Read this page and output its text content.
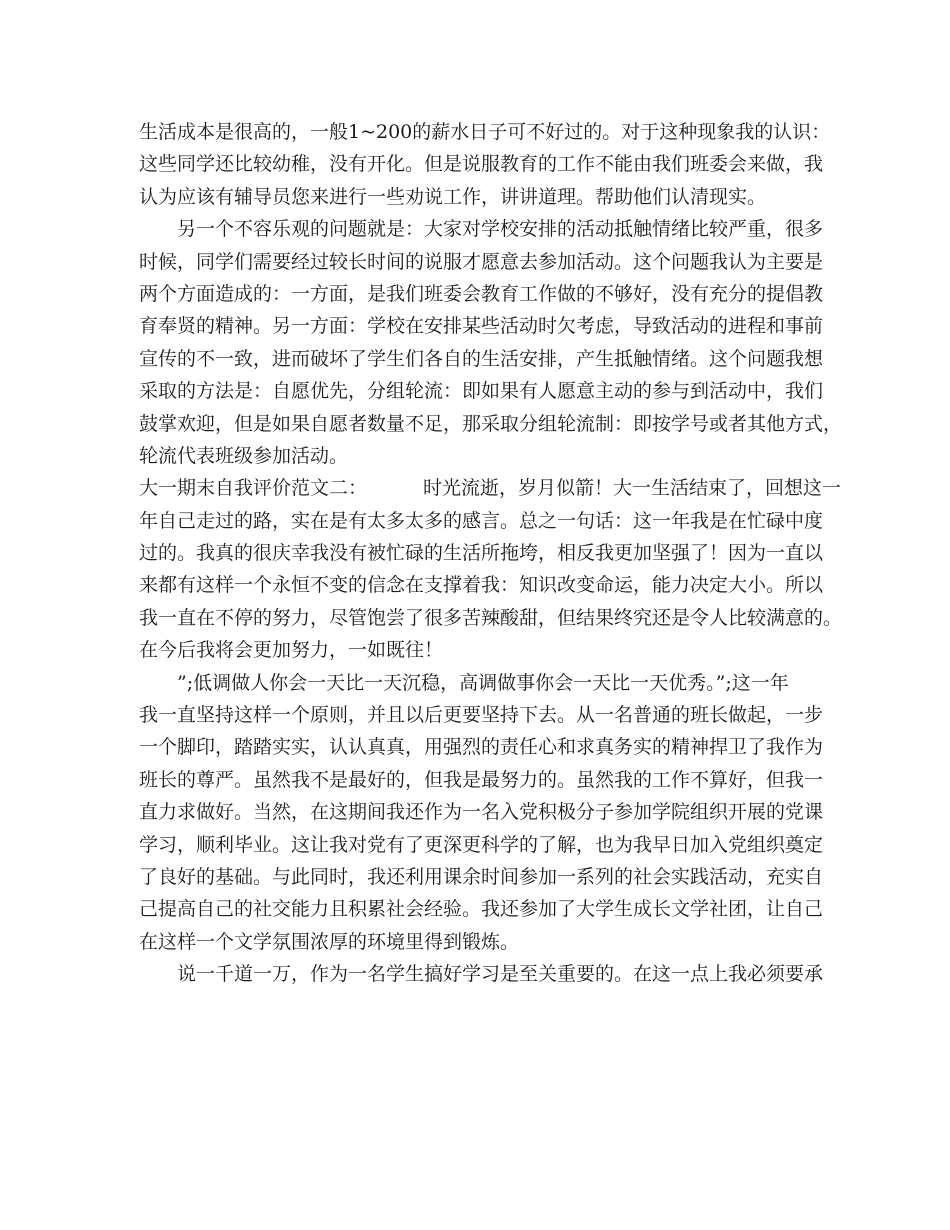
生活成本是很高的，一般1~200的薪水日子可不好过的。对于这种现象我的认识：
这些同学还比较幼稚，没有开化。但是说服教育的工作不能由我们班委会来做，我
认为应该有辅导员您来进行一些劝说工作，讲讲道理。帮助他们认清现实。
另一个不容乐观的问题就是：大家对学校安排的活动抵触情绪比较严重，很多
时候，同学们需要经过较长时间的说服才愿意去参加活动。这个问题我认为主要是
两个方面造成的：一方面，是我们班委会教育工作做的不够好，没有充分的提倡教
育奉贤的精神。另一方面：学校在安排某些活动时欠考虑，导致活动的进程和事前
宣传的不一致，进而破坏了学生们各自的生活安排，产生抵触情绪。这个问题我想
采取的方法是：自愿优先，分组轮流：即如果有人愿意主动的参与到活动中，我们
鼓掌欢迎，但是如果自愿者数量不足，那采取分组轮流制：即按学号或者其他方式，
轮流代表班级参加活动。
大一期末自我评价范文二：	时光流逝，岁月似箭！大一生活结束了，回想这一
年自己走过的路，实在是有太多太多的感言。总之一句话：这一年我是在忙碌中度
过的。我真的很庆幸我没有被忙碌的生活所拖垮，相反我更加坚强了！因为一直以
来都有这样一个永恒不变的信念在支撑着我：知识改变命运，能力决定大小。所以
我一直在不停的努力，尽管饱尝了很多苦辣酸甜，但结果终究还是令人比较满意的。
在今后我将会更加努力，一如既往！
”;低调做人你会一天比一天沉稳，高调做事你会一天比一天优秀。”;这一年
我一直坚持这样一个原则，并且以后更要坚持下去。从一名普通的班长做起，一步
一个脚印，踏踏实实，认认真真，用强烈的责任心和求真务实的精神捍卫了我作为
班长的尊严。虽然我不是最好的，但我是最努力的。虽然我的工作不算好，但我一
直力求做好。当然，在这期间我还作为一名入党积极分子参加学院组织开展的党课
学习，顺利毕业。这让我对党有了更深更科学的了解，也为我早日加入党组织奠定
了良好的基础。与此同时，我还利用课余时间参加一系列的社会实践活动，充实自
己提高自己的社交能力且积累社会经验。我还参加了大学生成长文学社团，让自己
在这样一个文学氛围浓厚的环境里得到锻炼。
说一千道一万，作为一名学生搞好学习是至关重要的。在这一点上我必须要承
